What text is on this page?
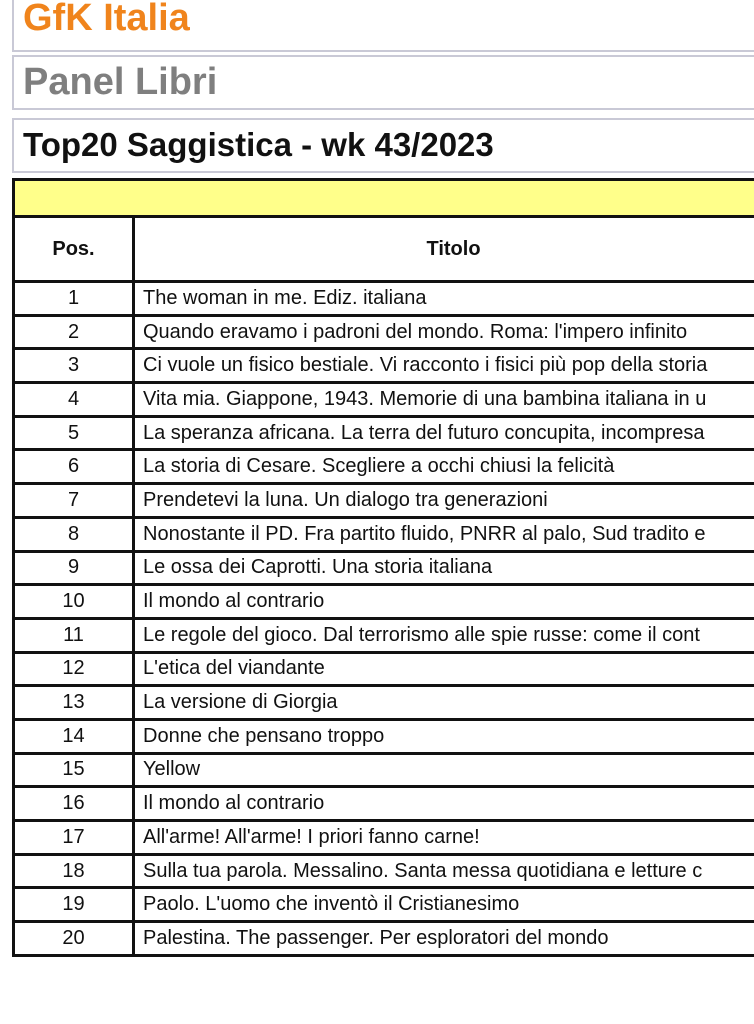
GfK Italia
Panel Libri
Top20 Saggistica - wk 43/2023

Pos.	Titolo
1	The woman in me. Ediz. italiana
2	Quando eravamo i padroni del mondo. Roma: l'impero infinito
3	Ci vuole un fisico bestiale. Vi racconto i fisici più pop della storia
4	Vita mia. Giappone, 1943. Memorie di una bambina italiana in u
5	La speranza africana. La terra del futuro concupita, incompresa
6	La storia di Cesare. Scegliere a occhi chiusi la felicità
7	Prendetevi la luna. Un dialogo tra generazioni
8	Nonostante il PD. Fra partito fluido, PNRR al palo, Sud tradito e
9	Le ossa dei Caprotti. Una storia italiana
10	Il mondo al contrario
11	Le regole del gioco. Dal terrorismo alle spie russe: come il cont
12	L'etica del viandante
13	La versione di Giorgia
14	Donne che pensano troppo
15	Yellow
16	Il mondo al contrario
17	All'arme! All'arme! I priori fanno carne!
18	Sulla tua parola. Messalino. Santa messa quotidiana e letture c
19	Paolo. L'uomo che inventò il Cristianesimo
20	Palestina. The passenger. Per esploratori del mondo
